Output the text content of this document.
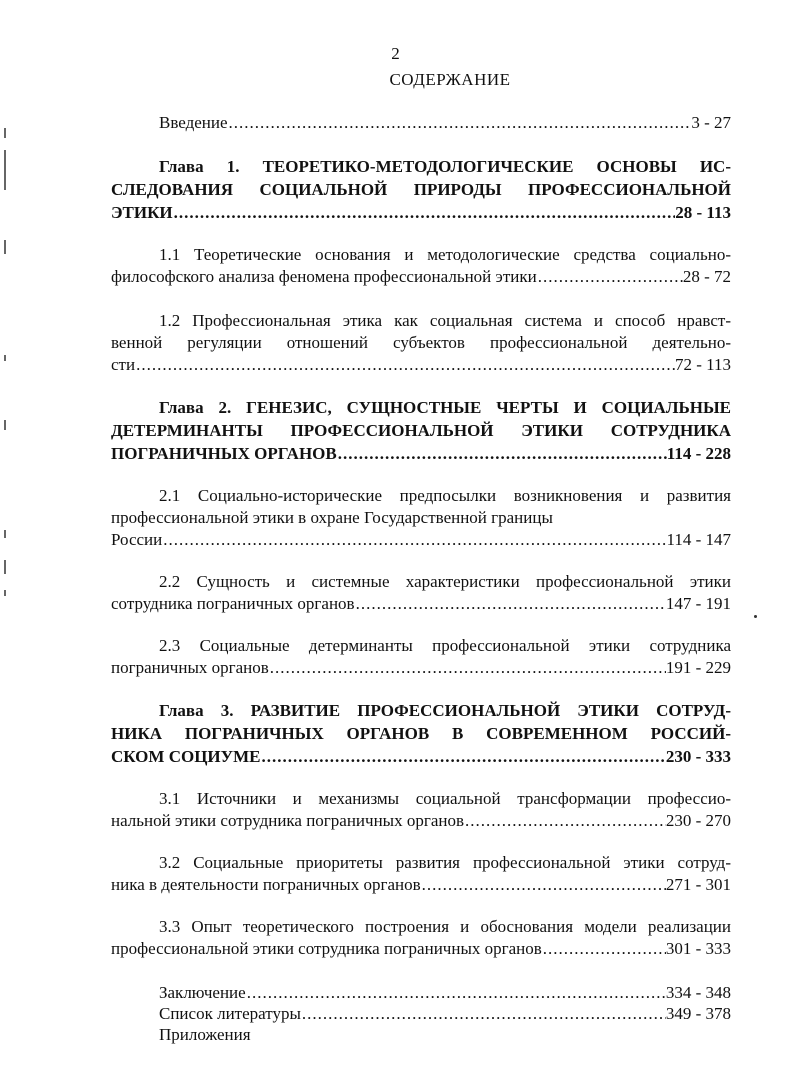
2
СОДЕРЖАНИЕ
Введение .....	3 - 27
Глава 1. ТЕОРЕТИКО-МЕТОДОЛОГИЧЕСКИЕ ОСНОВЫ ИС-
СЛЕДОВАНИЯ СОЦИАЛЬНОЙ ПРИРОДЫ ПРОФЕССИОНАЛЬНОЙ
ЭТИКИ .....	28 - 113
1.1 Теоретические основания и методологические средства социально-
философского анализа феномена профессиональной этики .....	28 - 72
1.2 Профессиональная этика как социальная система и способ нравст-
венной регуляции отношений субъектов профессиональной деятельно-
сти .....	72 - 113
Глава 2. ГЕНЕЗИС, СУЩНОСТНЫЕ ЧЕРТЫ И СОЦИАЛЬНЫЕ
ДЕТЕРМИНАНТЫ ПРОФЕССИОНАЛЬНОЙ ЭТИКИ СОТРУДНИКА
ПОГРАНИЧНЫХ ОРГАНОВ .....	114 - 228
2.1 Социально-исторические предпосылки возникновения и развития
профессиональной этики в охране Государственной границы
России .....	114 - 147
2.2 Сущность и системные характеристики профессиональной этики
сотрудника пограничных органов .....	147 - 191
2.3 Социальные детерминанты профессиональной этики сотрудника
пограничных органов .....	191 - 229
Глава 3. РАЗВИТИЕ ПРОФЕССИОНАЛЬНОЙ ЭТИКИ СОТРУД-
НИКА ПОГРАНИЧНЫХ ОРГАНОВ В СОВРЕМЕННОМ РОССИЙ-
СКОМ СОЦИУМЕ .....	230 - 333
3.1 Источники и механизмы социальной трансформации профессио-
нальной этики сотрудника пограничных органов .....	230 - 270
3.2 Социальные приоритеты развития профессиональной этики сотруд-
ника в деятельности пограничных органов .....	271 - 301
3.3 Опыт теоретического построения и обоснования модели реализации
профессиональной этики сотрудника пограничных органов .....	301 - 333
Заключение .....	334 - 348
Список литературы .....	349 - 378
Приложения
